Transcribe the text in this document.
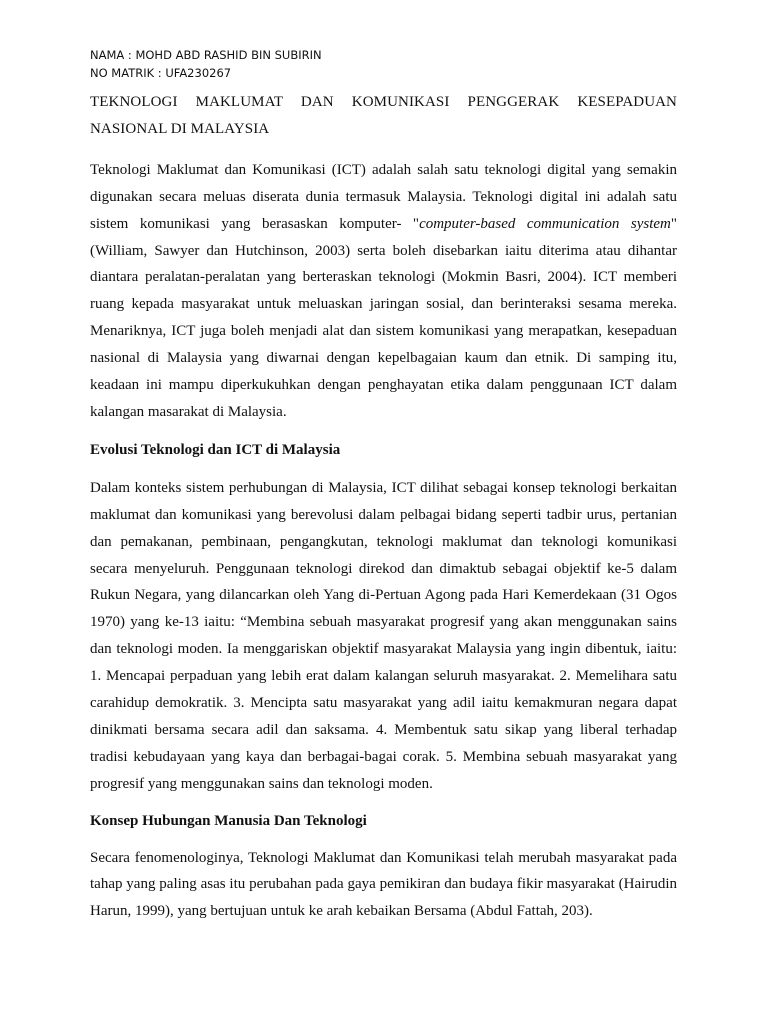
NAMA : MOHD ABD RASHID BIN SUBIRIN
NO MATRIK : UFA230267

TEKNOLOGI MAKLUMAT DAN KOMUNIKASI PENGGERAK KESEPADUAN NASIONAL DI MALAYSIA

Teknologi Maklumat dan Komunikasi (ICT) adalah salah satu teknologi digital yang semakin digunakan secara meluas diserata dunia termasuk Malaysia. Teknologi digital ini adalah satu sistem komunikasi yang berasaskan komputer- "computer-based communication system" (William, Sawyer dan Hutchinson, 2003) serta boleh disebarkan iaitu diterima atau dihantar diantara peralatan-peralatan yang berteraskan teknologi (Mokmin Basri, 2004). ICT memberi ruang kepada masyarakat untuk meluaskan jaringan sosial, dan berinteraksi sesama mereka. Menariknya, ICT juga boleh menjadi alat dan sistem komunikasi yang merapatkan, kesepaduan nasional di Malaysia yang diwarnai dengan kepelbagaian kaum dan etnik. Di samping itu, keadaan ini mampu diperkukuhkan dengan penghayatan etika dalam penggunaan ICT dalam kalangan masarakat di Malaysia.

Evolusi Teknologi dan ICT di Malaysia

Dalam konteks sistem perhubungan di Malaysia, ICT dilihat sebagai konsep teknologi berkaitan maklumat dan komunikasi yang berevolusi dalam pelbagai bidang seperti tadbir urus, pertanian dan pemakanan, pembinaan, pengangkutan, teknologi maklumat dan teknologi komunikasi secara menyeluruh. Penggunaan teknologi direkod dan dimaktub sebagai objektif ke-5 dalam Rukun Negara, yang dilancarkan oleh Yang di-Pertuan Agong pada Hari Kemerdekaan (31 Ogos 1970) yang ke-13 iaitu: “Membina sebuah masyarakat progresif yang akan menggunakan sains dan teknologi moden. Ia menggariskan objektif masyarakat Malaysia yang ingin dibentuk, iaitu: 1. Mencapai perpaduan yang lebih erat dalam kalangan seluruh masyarakat. 2. Memelihara satu carahidup demokratik. 3. Mencipta satu masyarakat yang adil iaitu kemakmuran negara dapat dinikmati bersama secara adil dan saksama. 4. Membentuk satu sikap yang liberal terhadap tradisi kebudayaan yang kaya dan berbagai-bagai corak. 5. Membina sebuah masyarakat yang progresif yang menggunakan sains dan teknologi moden.

Konsep Hubungan Manusia Dan Teknologi

Secara fenomenologinya, Teknologi Maklumat dan Komunikasi telah merubah masyarakat pada tahap yang paling asas itu perubahan pada gaya pemikiran dan budaya fikir masyarakat (Hairudin Harun, 1999), yang bertujuan untuk ke arah kebaikan Bersama (Abdul Fattah, 203).
